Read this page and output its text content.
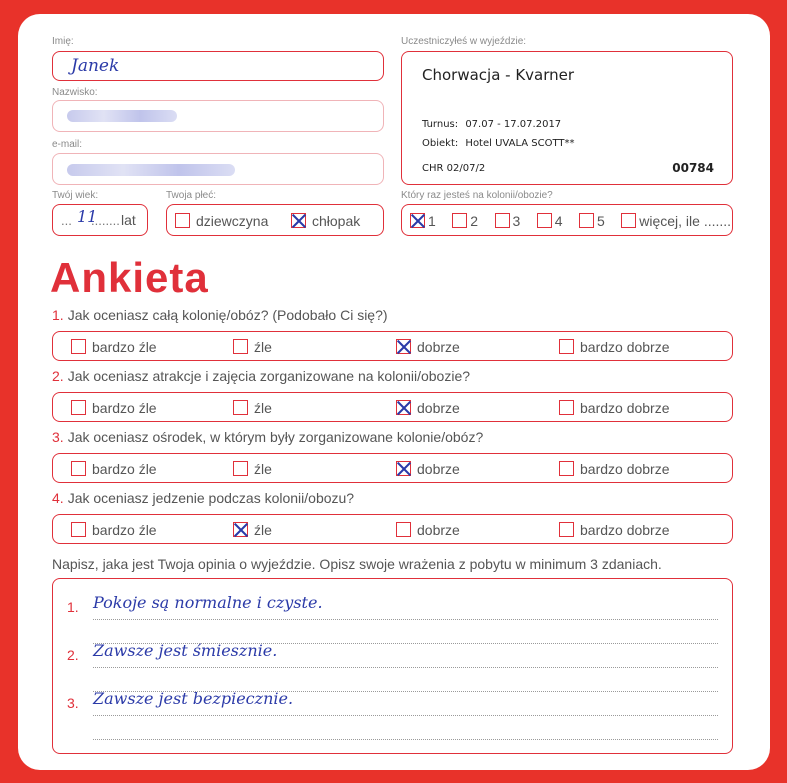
Imię:
Janek
Nazwisko:
e-mail:
Twój wiek:
... 11
........ lat
Twoja płeć:
dziewczyna	chłopak
Uczestniczyłeś w wyjeździe:
Chorwacja - Kvarner
Turnus: 07.07 - 17.07.2017
Obiekt: Hotel UVALA SCOTT**
CHR 02/07/2	00784
Który raz jesteś na kolonii/obozie?
1 2 3 4 5 więcej, ile .......
Ankieta
1. Jak oceniasz całą kolonię/obóz? (Podobało Ci się?)
bardzo źle	źle	dobrze	bardzo dobrze
2. Jak oceniasz atrakcje i zajęcia zorganizowane na kolonii/obozie?
bardzo źle	źle	dobrze	bardzo dobrze
3. Jak oceniasz ośrodek, w którym były zorganizowane kolonie/obóz?
bardzo źle	źle	dobrze	bardzo dobrze
4. Jak oceniasz jedzenie podczas kolonii/obozu?
bardzo źle	źle	dobrze	bardzo dobrze
Napisz, jaka jest Twoja opinia o wyjeździe. Opisz swoje wrażenia z pobytu w minimum 3 zdaniach.
1. Pokoje są normalne i czyste.
2. Zawsze jest śmiesznie.
3. Zawsze jest bezpiecznie.
